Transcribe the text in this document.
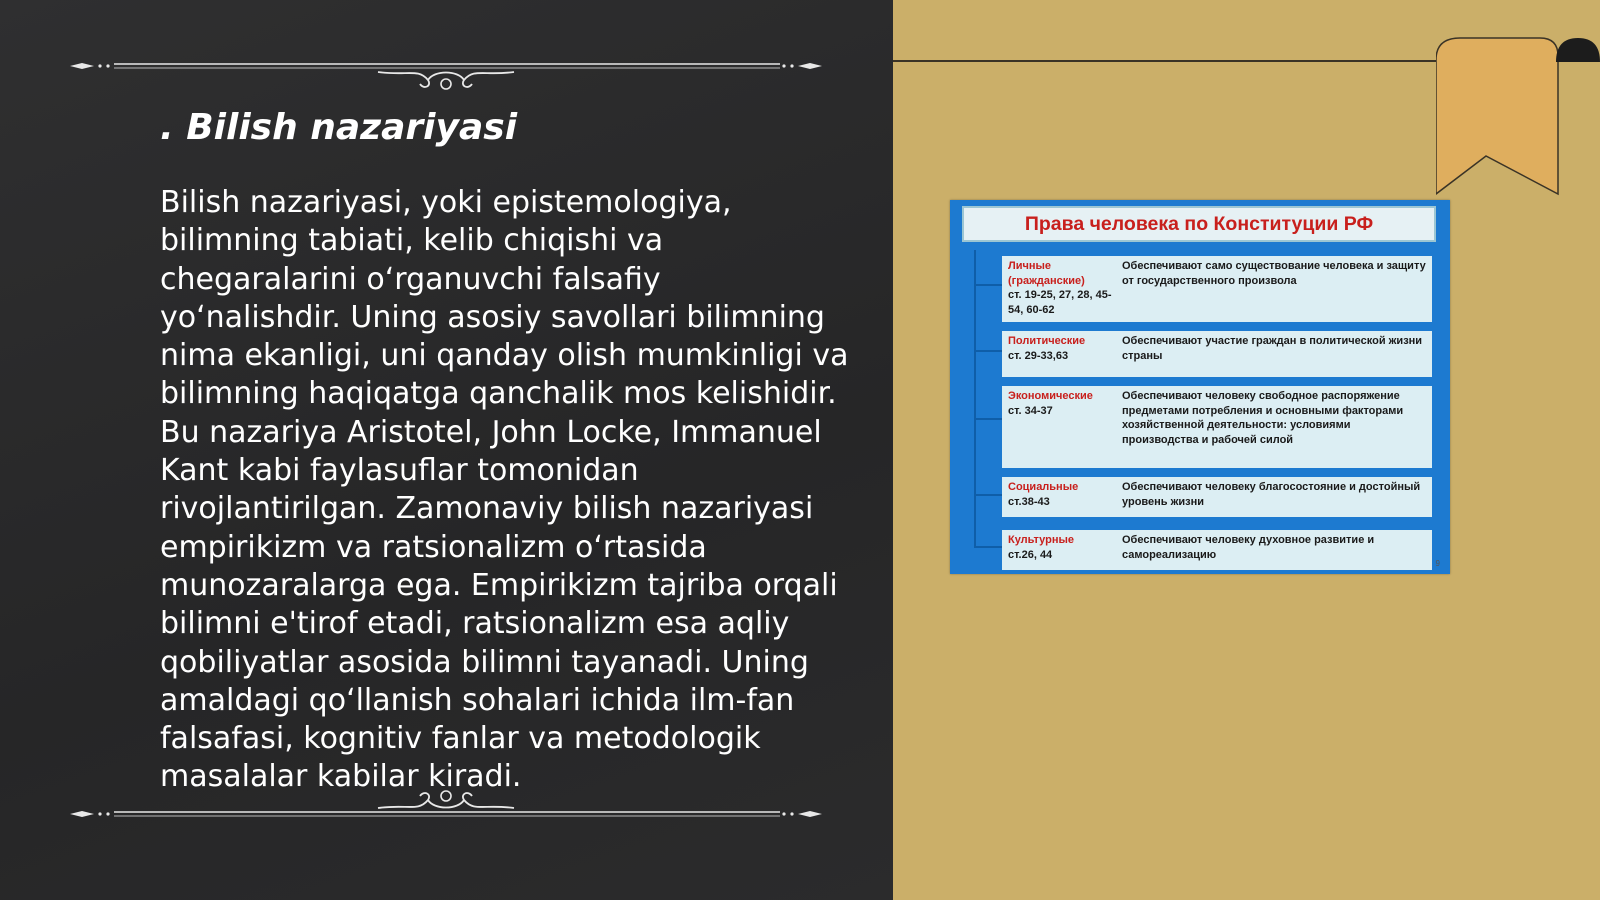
. Bilish nazariyasi

Bilish nazariyasi, yoki epistemologiya, bilimning tabiati, kelib chiqishi va chegaralarini o‘rganuvchi falsafiy yo‘nalishdir. Uning asosiy savollari bilimning nima ekanligi, uni qanday olish mumkinligi va bilimning haqiqatga qanchalik mos kelishidir. Bu nazariya Aristotel, John Locke, Immanuel Kant kabi faylasuflar tomonidan rivojlantirilgan. Zamonaviy bilish nazariyasi empirikizm va ratsionalizm o‘rtasida munozaralarga ega. Empirikizm tajriba orqali bilimni e'tirof etadi, ratsionalizm esa aqliy qobiliyatlar asosida bilimni tayanadi. Uning amaldagi qo‘llanish sohalari ichida ilm-fan falsafasi, kognitiv fanlar va metodologik masalalar kabilar kiradi.

Права человека по Конституции РФ
Личные (гражданские)
ст. 19-25, 27, 28, 45-54, 60-62
Обеспечивают само существование человека и защиту от государственного произвола
Политические
ст. 29-33,63
Обеспечивают участие граждан в политической жизни страны
Экономические
ст. 34-37
Обеспечивают человеку свободное распоряжение предметами потребления и основными факторами хозяйственной деятельности: условиями производства и рабочей силой
Социальные
ст.38-43
Обеспечивают человеку благосостояние и достойный уровень жизни
Культурные
ст.26, 44
Обеспечивают человеку духовное развитие и самореализацию
9
